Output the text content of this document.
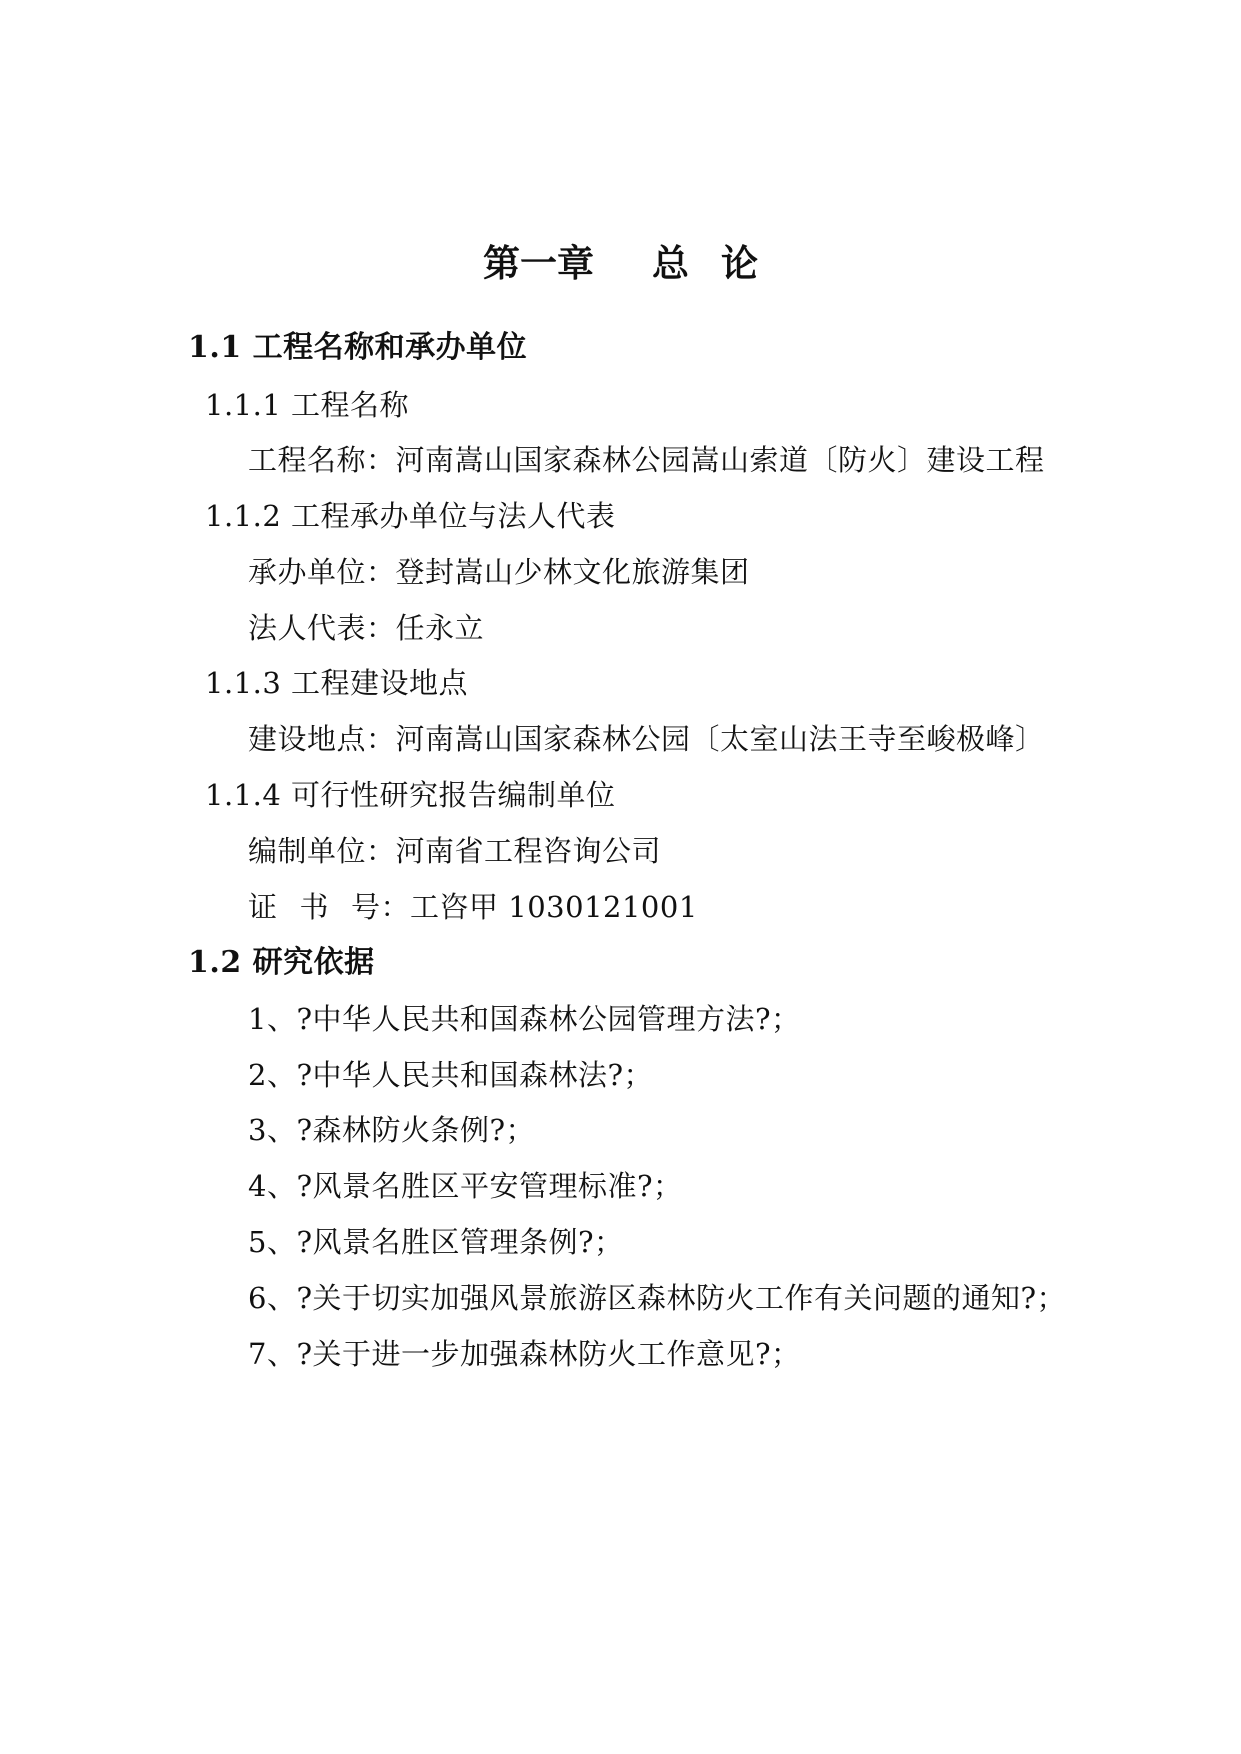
第一章 总 论
1.1 工程名称和承办单位
1.1.1 工程名称
工程名称：河南嵩山国家森林公园嵩山索道〔防火〕建设工程
1.1.2 工程承办单位与法人代表
承办单位：登封嵩山少林文化旅游集团
法人代表：任永立
1.1.3 工程建设地点
建设地点：河南嵩山国家森林公园〔太室山法王寺至峻极峰〕
1.1.4 可行性研究报告编制单位
编制单位：河南省工程咨询公司
证 书 号：工咨甲 1030121001
1.2 研究依据
1、?中华人民共和国森林公园管理方法?；
2、?中华人民共和国森林法?；
3、?森林防火条例?；
4、?风景名胜区平安管理标准?；
5、?风景名胜区管理条例?；
6、?关于切实加强风景旅游区森林防火工作有关问题的通知?；
7、?关于进一步加强森林防火工作意见?；
